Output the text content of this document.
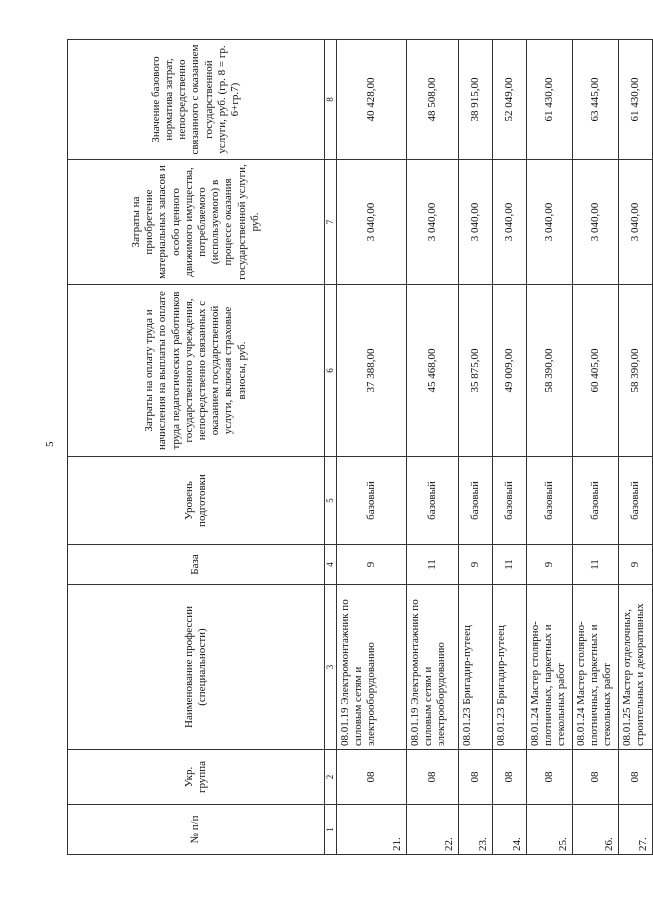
5
№ п/п	Укр. группа	Наименование профессии (специальности)	База	Уровень подготовки	Затраты на оплату труда и начисления на выплаты по оплате труда педагогических работников государственного учреждения, непосредственно связанных с оказанием государственной услуги, включая страховые взносы, руб.	Затраты на приобретение материальных запасов и особо ценного движимого имущества, потребляемого (используемого) в процессе оказания государственной услуги, руб.	Значение базового норматива затрат, непосредственно связанного с оказанием государственной услуги, руб. (гр. 8 = гр. 6+гр.7)
1	2	3	4	5	6	7	8
21.	08	08.01.19 Электромонтажник по силовым сетям и электрооборудованию	9	базовый	37 388,00	3 040,00	40 428,00
22.	08	08.01.19 Электромонтажник по силовым сетям и электрооборудованию	11	базовый	45 468,00	3 040,00	48 508,00
23.	08	08.01.23 Бригадир-путеец	9	базовый	35 875,00	3 040,00	38 915,00
24.	08	08.01.23 Бригадир-путеец	11	базовый	49 009,00	3 040,00	52 049,00
25.	08	08.01.24 Мастер столярно-плотничных, паркетных и стекольных работ	9	базовый	58 390,00	3 040,00	61 430,00
26.	08	08.01.24 Мастер столярно-плотничных, паркетных и стекольных работ	11	базовый	60 405,00	3 040,00	63 445,00
27.	08	08.01.25 Мастер отделочных, строительных и декоративных	9	базовый	58 390,00	3 040,00	61 430,00
